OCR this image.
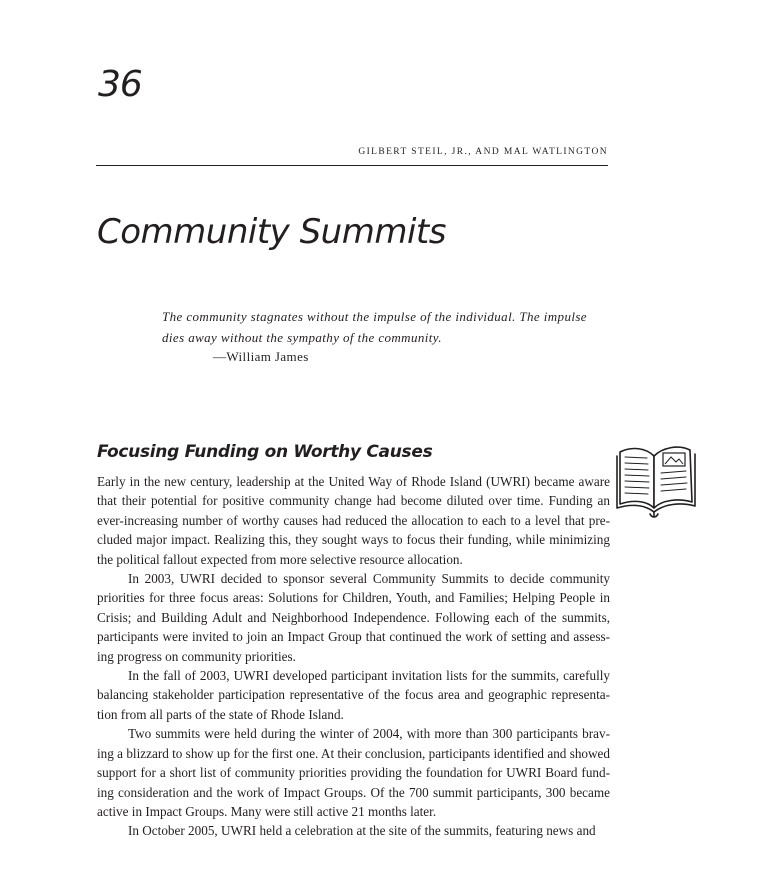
36
GILBERT STEIL, JR., AND MAL WATLINGTON
Community Summits
The community stagnates without the impulse of the individual. The impulse dies away without the sympathy of the community.
—William James
Focusing Funding on Worthy Causes

Early in the new century, leadership at the United Way of Rhode Island (UWRI) became aware that their potential for positive community change had become diluted over time. Funding an ever-increasing number of worthy causes had reduced the allocation to each to a level that pre-cluded major impact. Realizing this, they sought ways to focus their funding, while minimizing the political fallout expected from more selective resource allocation.

In 2003, UWRI decided to sponsor several Community Summits to decide community priorities for three focus areas: Solutions for Children, Youth, and Families; Helping People in Crisis; and Building Adult and Neighborhood Independence. Following each of the summits, participants were invited to join an Impact Group that continued the work of setting and assess-ing progress on community priorities.

In the fall of 2003, UWRI developed participant invitation lists for the summits, carefully balancing stakeholder participation representative of the focus area and geographic representa-tion from all parts of the state of Rhode Island.

Two summits were held during the winter of 2004, with more than 300 participants brav-ing a blizzard to show up for the first one. At their conclusion, participants identified and showed support for a short list of community priorities providing the foundation for UWRI Board fund-ing consideration and the work of Impact Groups. Of the 700 summit participants, 300 became active in Impact Groups. Many were still active 21 months later.

In October 2005, UWRI held a celebration at the site of the summits, featuring news and
